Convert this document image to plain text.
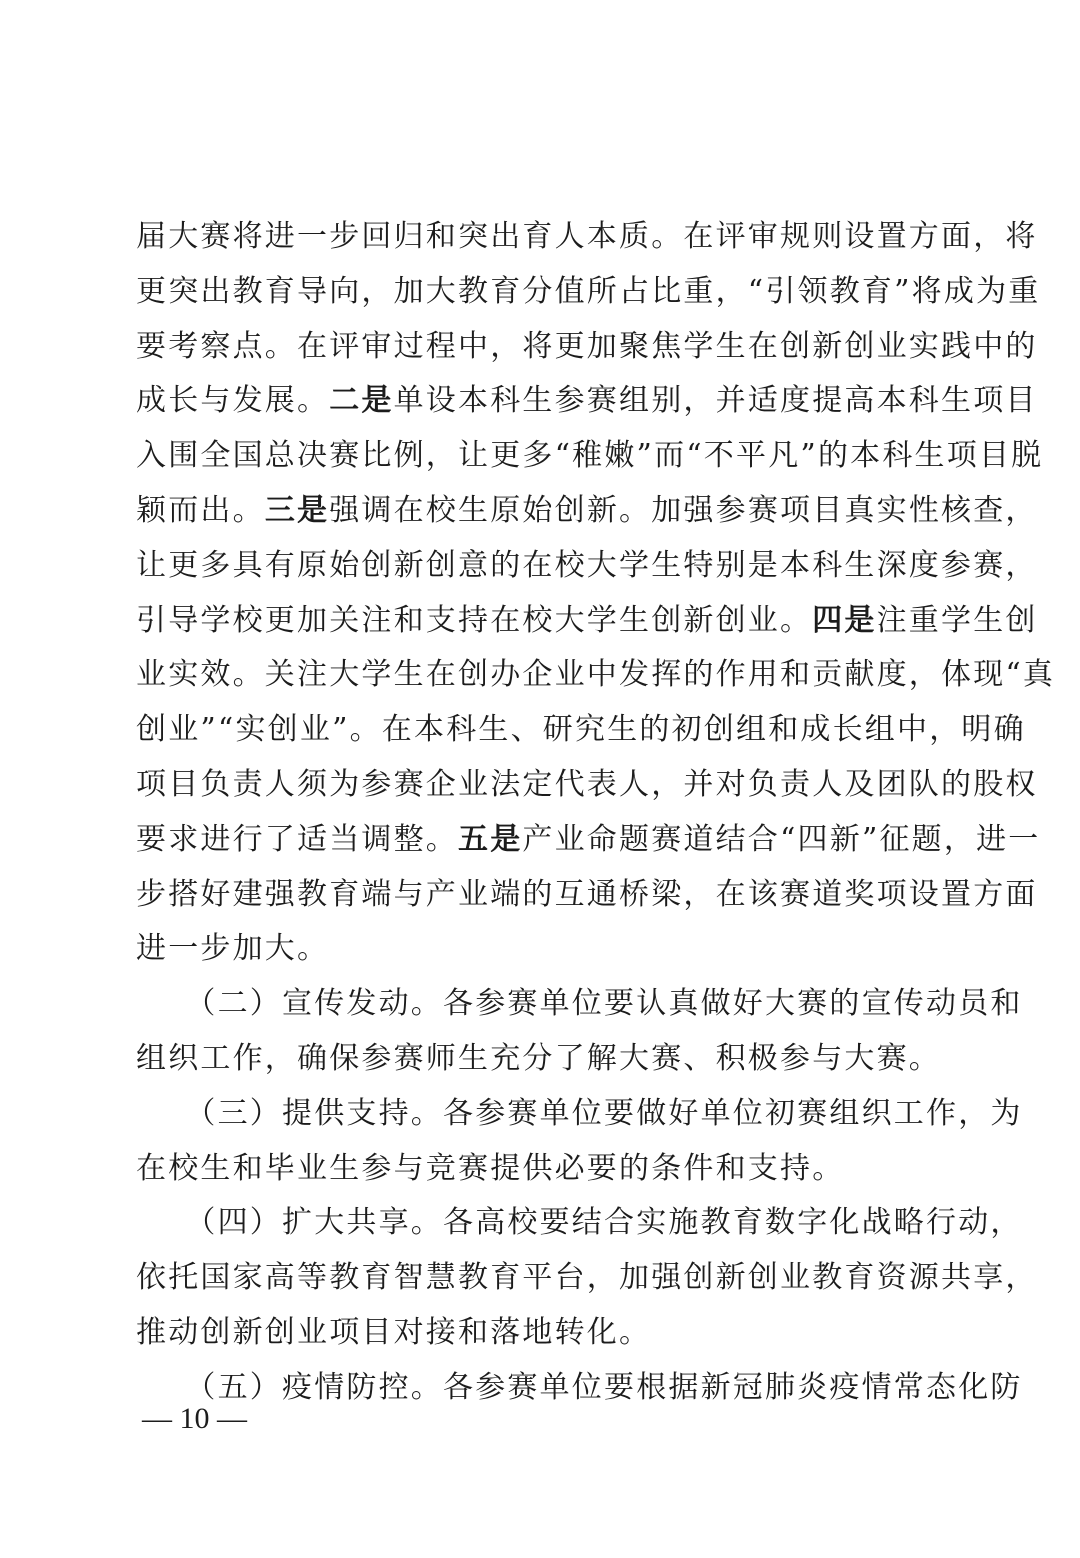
届大赛将进一步回归和突出育人本质。在评审规则设置方面，将
更突出教育导向，加大教育分值所占比重，“引领教育”将成为重
要考察点。在评审过程中，将更加聚焦学生在创新创业实践中的
成长与发展。二是单设本科生参赛组别，并适度提高本科生项目
入围全国总决赛比例，让更多“稚嫩”而“不平凡”的本科生项目脱
颖而出。三是强调在校生原始创新。加强参赛项目真实性核查，
让更多具有原始创新创意的在校大学生特别是本科生深度参赛，
引导学校更加关注和支持在校大学生创新创业。四是注重学生创
业实效。关注大学生在创办企业中发挥的作用和贡献度，体现“真
创业”“实创业”。在本科生、研究生的初创组和成长组中，明确
项目负责人须为参赛企业法定代表人，并对负责人及团队的股权
要求进行了适当调整。五是产业命题赛道结合“四新”征题，进一
步搭好建强教育端与产业端的互通桥梁，在该赛道奖项设置方面
进一步加大。
　　（二）宣传发动。各参赛单位要认真做好大赛的宣传动员和
组织工作，确保参赛师生充分了解大赛、积极参与大赛。
　　（三）提供支持。各参赛单位要做好单位初赛组织工作，为
在校生和毕业生参与竞赛提供必要的条件和支持。
　　（四）扩大共享。各高校要结合实施教育数字化战略行动，
依托国家高等教育智慧教育平台，加强创新创业教育资源共享，
推动创新创业项目对接和落地转化。
　　（五）疫情防控。各参赛单位要根据新冠肺炎疫情常态化防
— 10 —
